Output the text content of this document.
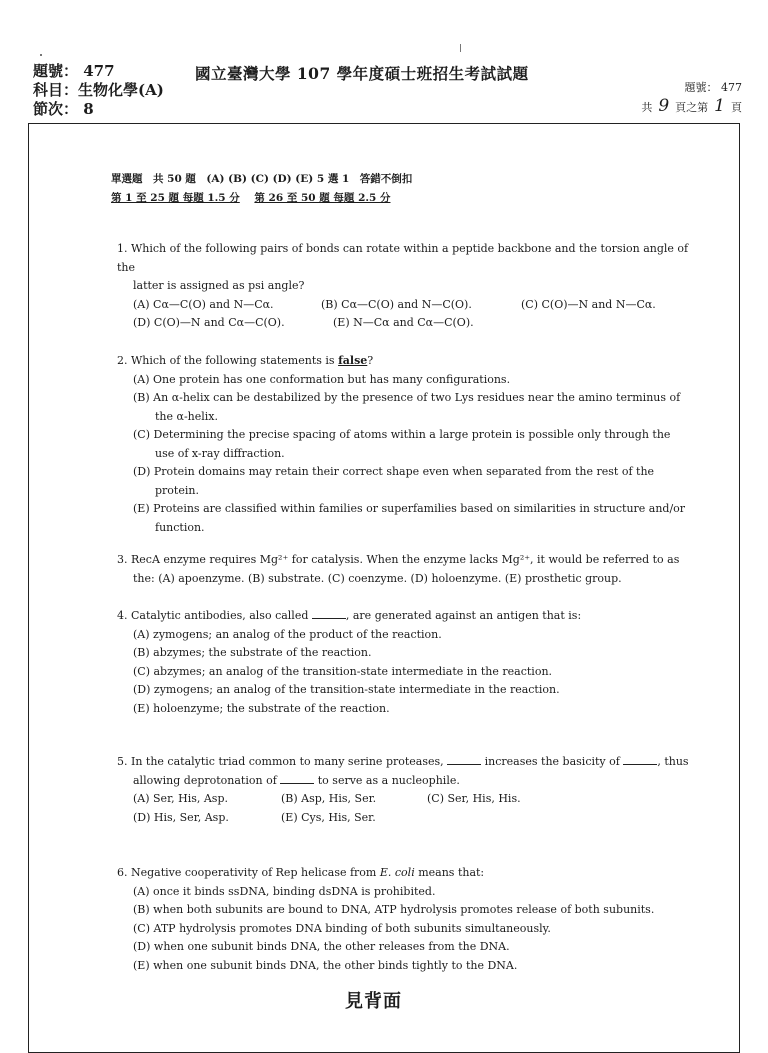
題號： 477
科目：生物化學(A)
節次： 8
國立臺灣大學 107 學年度碩士班招生考試試題
題號： 477
共 9 頁之第 1 頁
單選題　共 50 題　(A) (B) (C) (D) (E) 5 選 1　答錯不倒扣
第 1 至 25 題 每題 1.5 分 第 26 至 50 題 每題 2.5 分

1. Which of the following pairs of bonds can rotate within a peptide backbone and the torsion angle of the

latter is assigned as psi angle?

(A) Cα—C(O) and N—Cα.	(B) Cα—C(O) and N—C(O).	(C) C(O)—N and N—Cα.
(D) C(O)—N and Cα—C(O).	(E) N—Cα and Cα—C(O).

2. Which of the following statements is false?

(A) One protein has one conformation but has many configurations.

(B) An α-helix can be destabilized by the presence of two Lys residues near the amino terminus of the α-helix.

(C) Determining the precise spacing of atoms within a large protein is possible only through the use of x-ray diffraction.

(D) Protein domains may retain their correct shape even when separated from the rest of the protein.

(E) Proteins are classified within families or superfamilies based on similarities in structure and/or function.

3. RecA enzyme requires Mg²⁺ for catalysis. When the enzyme lacks Mg²⁺, it would be referred to as

the: (A) apoenzyme. (B) substrate. (C) coenzyme. (D) holoenzyme. (E) prosthetic group.

4. Catalytic antibodies, also called	, are generated against an antigen that is:

(A) zymogens; an analog of the product of the reaction.

(B) abzymes; the substrate of the reaction.

(C) abzymes; an analog of the transition-state intermediate in the reaction.

(D) zymogens; an analog of the transition-state intermediate in the reaction.

(E) holoenzyme; the substrate of the reaction.

5. In the catalytic triad common to many serine proteases,	increases the basicity of	, thus

allowing deprotonation of	to serve as a nucleophile.

(A) Ser, His, Asp.	(B) Asp, His, Ser.	(C) Ser, His, His.
(D) His, Ser, Asp.	(E) Cys, His, Ser.

6. Negative cooperativity of Rep helicase from E. coli means that:

(A) once it binds ssDNA, binding dsDNA is prohibited.

(B) when both subunits are bound to DNA, ATP hydrolysis promotes release of both subunits.

(C) ATP hydrolysis promotes DNA binding of both subunits simultaneously.

(D) when one subunit binds DNA, the other releases from the DNA.

(E) when one subunit binds DNA, the other binds tightly to the DNA.

見背面
